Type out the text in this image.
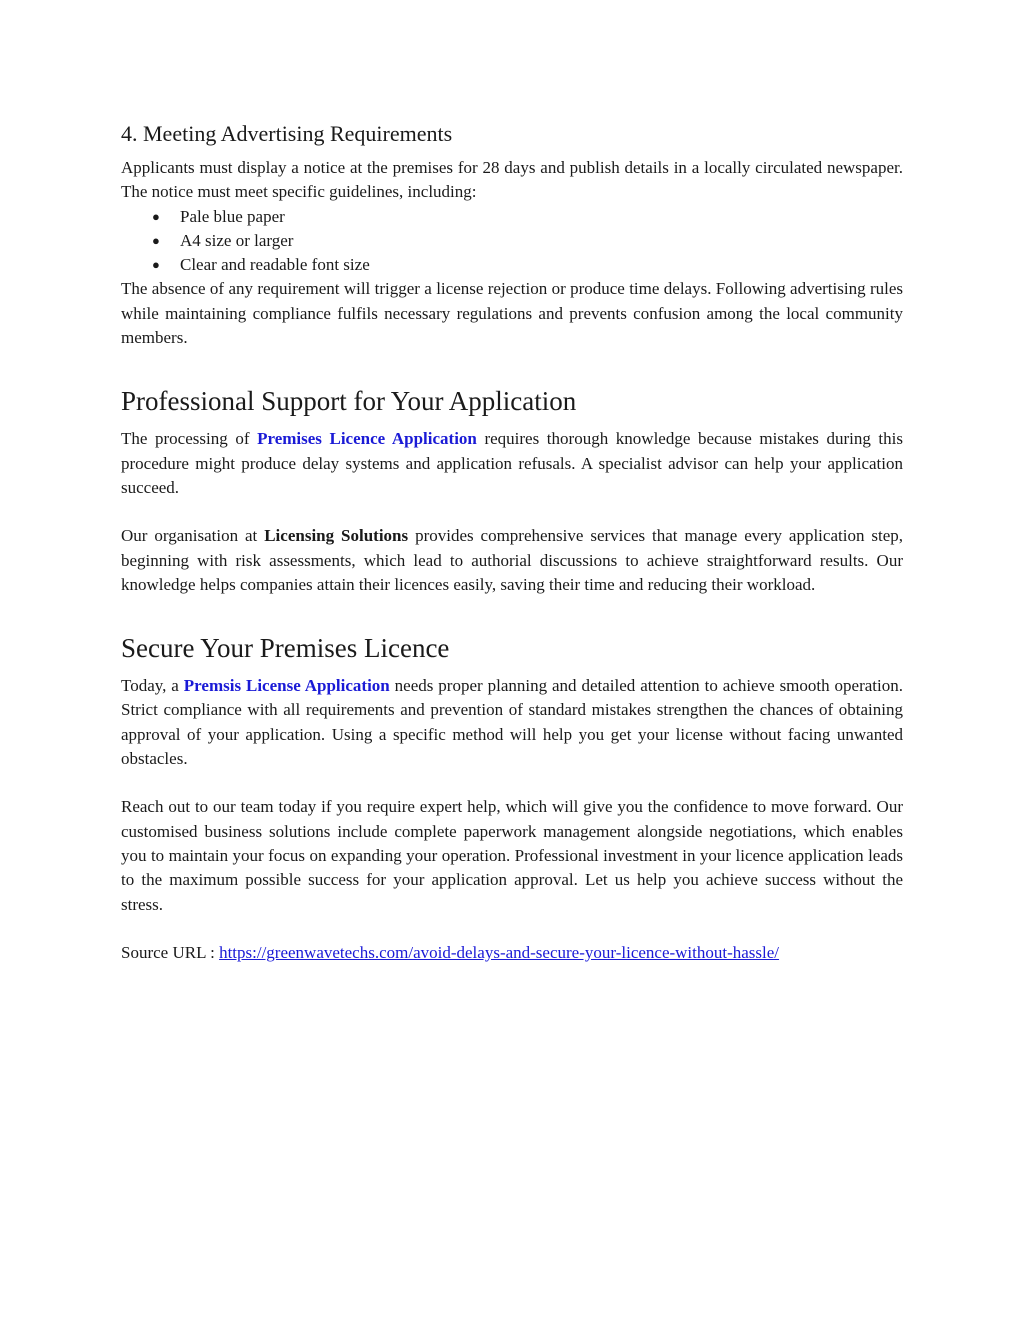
4. Meeting Advertising Requirements

Applicants must display a notice at the premises for 28 days and publish details in a locally circulated newspaper. The notice must meet specific guidelines, including:

● Pale blue paper
● A4 size or larger
● Clear and readable font size

The absence of any requirement will trigger a license rejection or produce time delays. Following advertising rules while maintaining compliance fulfils necessary regulations and prevents confusion among the local community members.

Professional Support for Your Application

The processing of Premises Licence Application requires thorough knowledge because mistakes during this procedure might produce delay systems and application refusals. A specialist advisor can help your application succeed.

Our organisation at Licensing Solutions provides comprehensive services that manage every application step, beginning with risk assessments, which lead to authorial discussions to achieve straightforward results. Our knowledge helps companies attain their licences easily, saving their time and reducing their workload.

Secure Your Premises Licence

Today, a Premsis License Application needs proper planning and detailed attention to achieve smooth operation. Strict compliance with all requirements and prevention of standard mistakes strengthen the chances of obtaining approval of your application. Using a specific method will help you get your license without facing unwanted obstacles.

Reach out to our team today if you require expert help, which will give you the confidence to move forward. Our customised business solutions include complete paperwork management alongside negotiations, which enables you to maintain your focus on expanding your operation. Professional investment in your licence application leads to the maximum possible success for your application approval. Let us help you achieve success without the stress.

Source URL : https://greenwavetechs.com/avoid-delays-and-secure-your-licence-without-hassle/
